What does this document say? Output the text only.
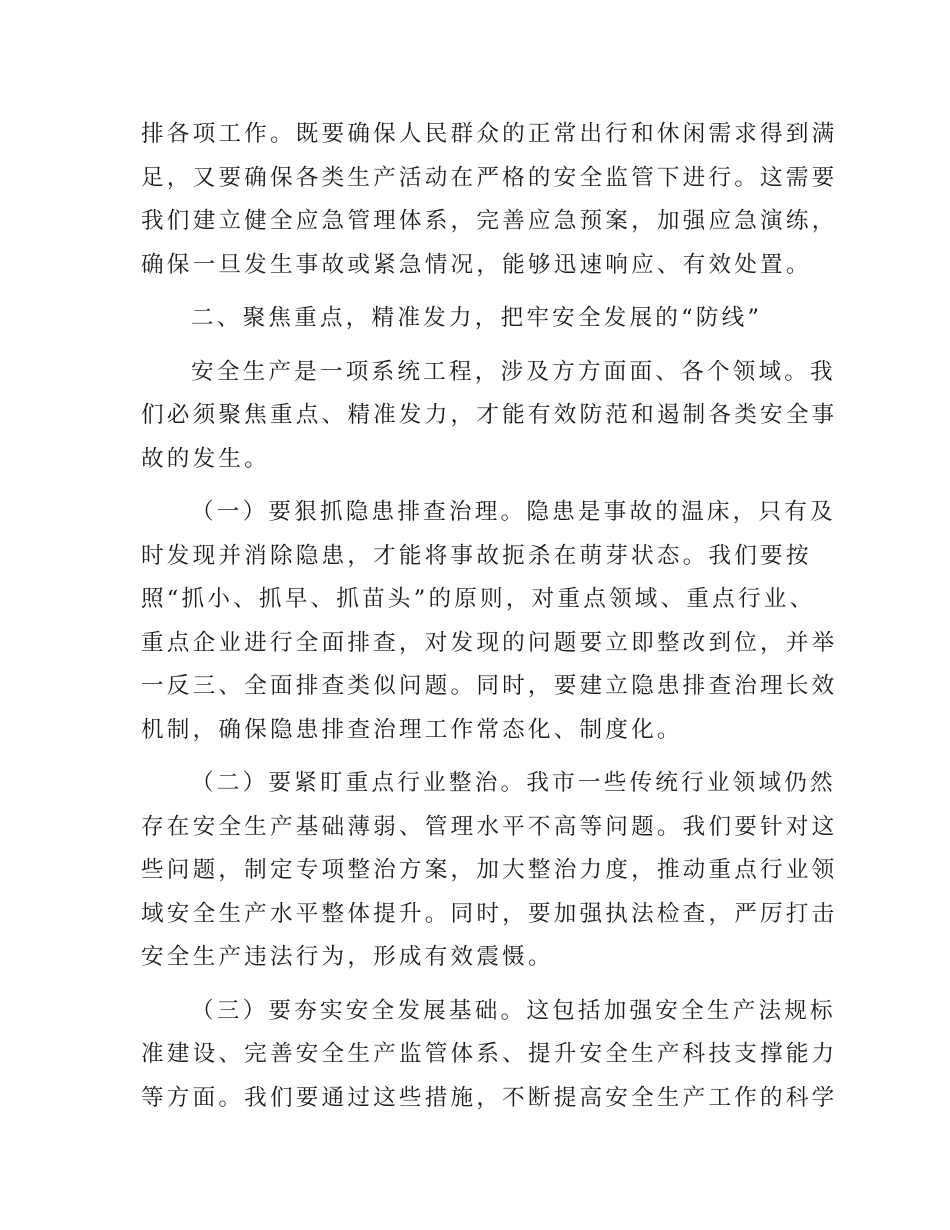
排各项工作。既要确保人民群众的正常出行和休闲需求得到满
足，又要确保各类生产活动在严格的安全监管下进行。这需要
我们建立健全应急管理体系，完善应急预案，加强应急演练，
确保一旦发生事故或紧急情况，能够迅速响应、有效处置。
二、聚焦重点，精准发力，把牢安全发展的“防线”
安全生产是一项系统工程，涉及方方面面、各个领域。我
们必须聚焦重点、精准发力，才能有效防范和遏制各类安全事
故的发生。
（一）要狠抓隐患排查治理。隐患是事故的温床，只有及
时发现并消除隐患，才能将事故扼杀在萌芽状态。我们要按
照“抓小、抓早、抓苗头”的原则，对重点领域、重点行业、
重点企业进行全面排查，对发现的问题要立即整改到位，并举
一反三、全面排查类似问题。同时，要建立隐患排查治理长效
机制，确保隐患排查治理工作常态化、制度化。
（二）要紧盯重点行业整治。我市一些传统行业领域仍然
存在安全生产基础薄弱、管理水平不高等问题。我们要针对这
些问题，制定专项整治方案，加大整治力度，推动重点行业领
域安全生产水平整体提升。同时，要加强执法检查，严厉打击
安全生产违法行为，形成有效震慑。
（三）要夯实安全发展基础。这包括加强安全生产法规标
准建设、完善安全生产监管体系、提升安全生产科技支撑能力
等方面。我们要通过这些措施，不断提高安全生产工作的科学
